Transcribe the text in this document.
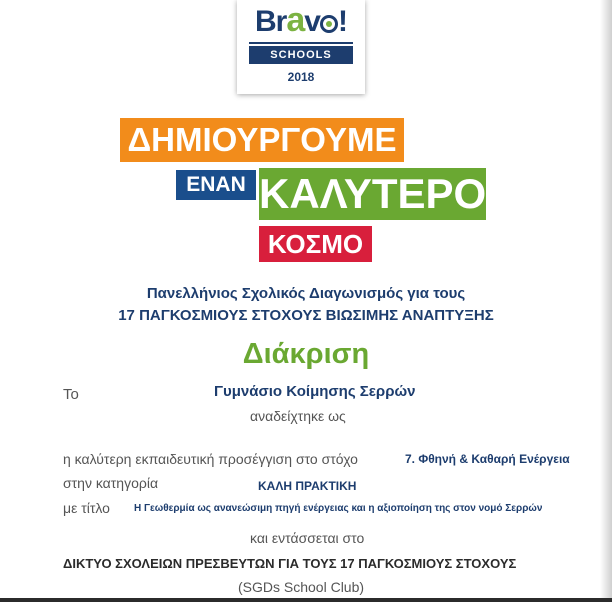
Brav !
SCHOOLS
2018
ΔΗΜΙΟΥΡΓΟΥΜΕ
ΕΝΑΝ ΚΑΛΥΤΕΡΟ
ΚΟΣΜΟ
Πανελλήνιος Σχολικός Διαγωνισμός για τους
17 ΠΑΓΚΟΣΜΙΟΥΣ ΣΤΟΧΟΥΣ ΒΙΩΣΙΜΗΣ ΑΝΑΠΤΥΞΗΣ
Διάκριση
Το	Γυμνάσιο Κοίμησης Σερρών
αναδείχτηκε ως
η καλύτερη εκπαιδευτική προσέγγιση στο στόχο	7. Φθηνή & Καθαρή Ενέργεια
στην κατηγορία	ΚΑΛΗ ΠΡΑΚΤΙΚΗ
με τίτλο Η Γεωθερμία ως ανανεώσιμη πηγή ενέργειας και η αξιοποίηση της στον νομό Σερρών
και εντάσσεται στο
ΔΙΚΤΥΟ ΣΧΟΛΕΙΩΝ ΠΡΕΣΒΕΥΤΩΝ ΓΙΑ ΤΟΥΣ 17 ΠΑΓΚΟΣΜΙΟΥΣ ΣΤΟΧΟΥΣ
(SGDs School Club)
